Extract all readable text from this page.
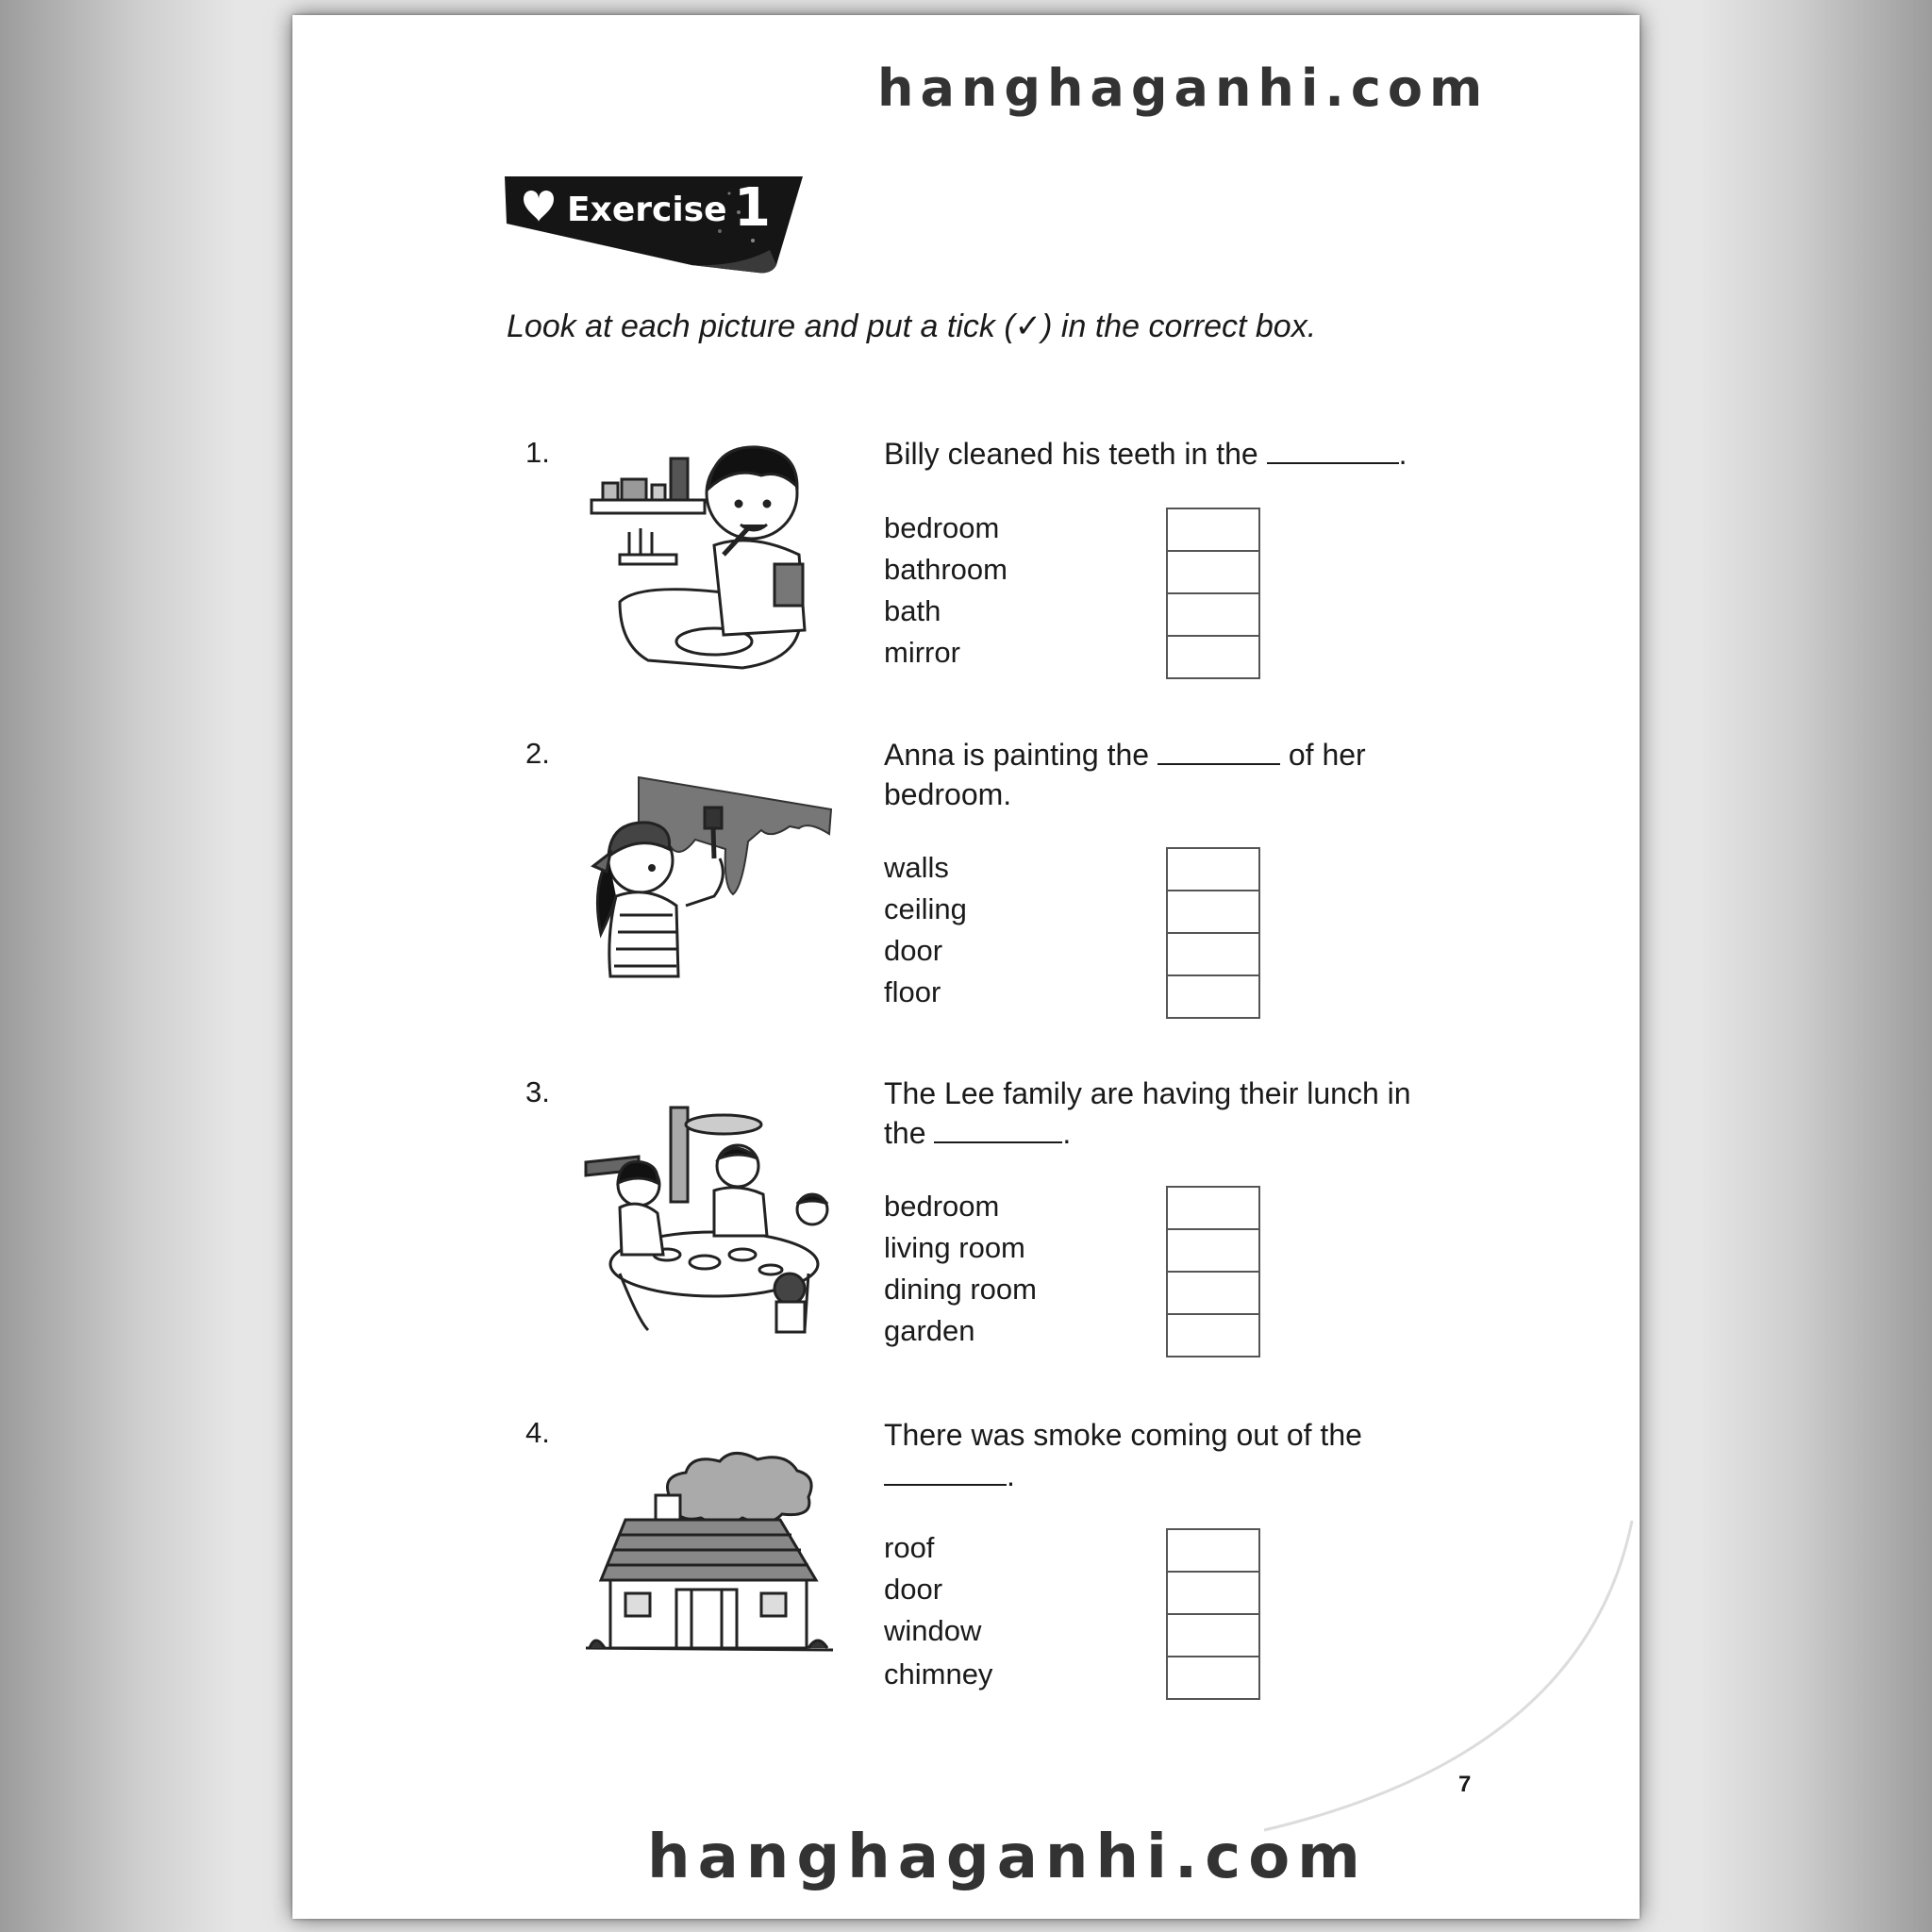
hanghaganhi.com
Exercise 1
Look at each picture and put a tick (✓) in the correct box.
1.	Billy cleaned his teeth in the	.
bedroom
bathroom
bath
mirror
2.	Anna is painting the	of her
bedroom.
walls
ceiling
door
floor
3.	The Lee family are having their lunch in
the	.
bedroom
living room
dining room
garden
4.	There was smoke coming out of the
.
roof
door
window
chimney
7
hanghaganhi.com
